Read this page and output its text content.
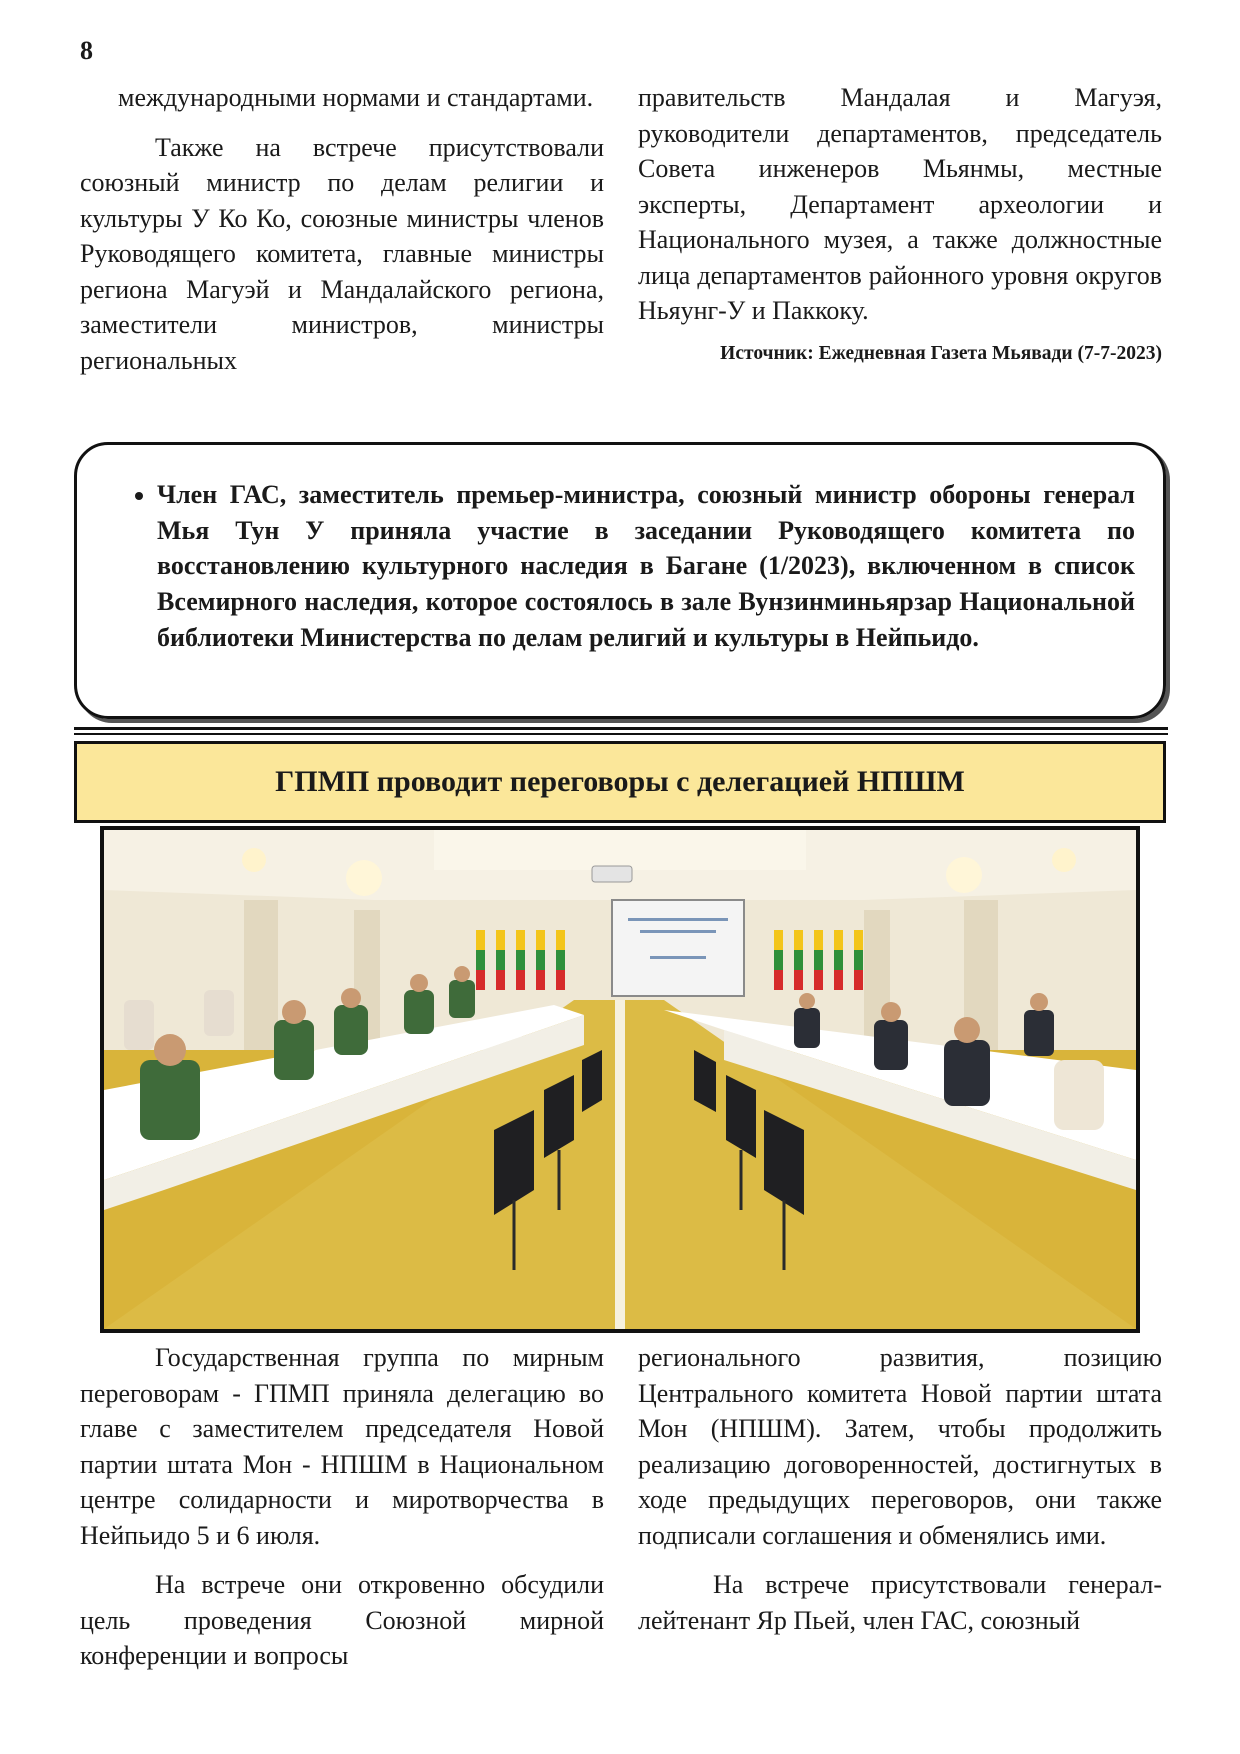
8

международными нормами и стандартами.

Также на встрече присутствовали союзный министр по делам религии и культуры У Ко Ко, союзные министры членов Руководящего комитета, главные министры региона Магуэй и Мандалайского региона, заместители министров, министры региональных

правительств Мандалая и Магуэя, руководители департаментов, председатель Совета инженеров Мьянмы, местные эксперты, Департамент археологии и Национального музея, а также должностные лица департаментов районного уровня округов Ньяунг-У и Паккоку.

Источник: Ежедневная Газета Мьявади (7-7-2023)

• Член ГАС, заместитель премьер-министра, союзный министр обороны генерал Мья Тун У приняла участие в заседании Руководящего комитета по восстановлению культурного наследия в Багане (1/2023), включенном в список Всемирного наследия, которое состоялось в зале Вунзинминьярзар Национальной библиотеки Министерства по делам религий и культуры в Нейпьидо.
ГПМП проводит переговоры с делегацией НПШМ

Государственная группа по мирным переговорам - ГПМП приняла делегацию во главе с заместителем председателя Новой партии штата Мон - НПШМ в Национальном центре солидарности и миротворчества в Нейпьидо 5 и 6 июля.

На встрече они откровенно обсудили цель проведения Союзной мирной конференции и вопросы

регионального развития, позицию Центрального комитета Новой партии штата Мон (НПШМ). Затем, чтобы продолжить реализацию договоренностей, достигнутых в ходе предыдущих переговоров, они также подписали соглашения и обменялись ими.

На встрече присутствовали генерал-лейтенант Яр Пьей, член ГАС, союзный
